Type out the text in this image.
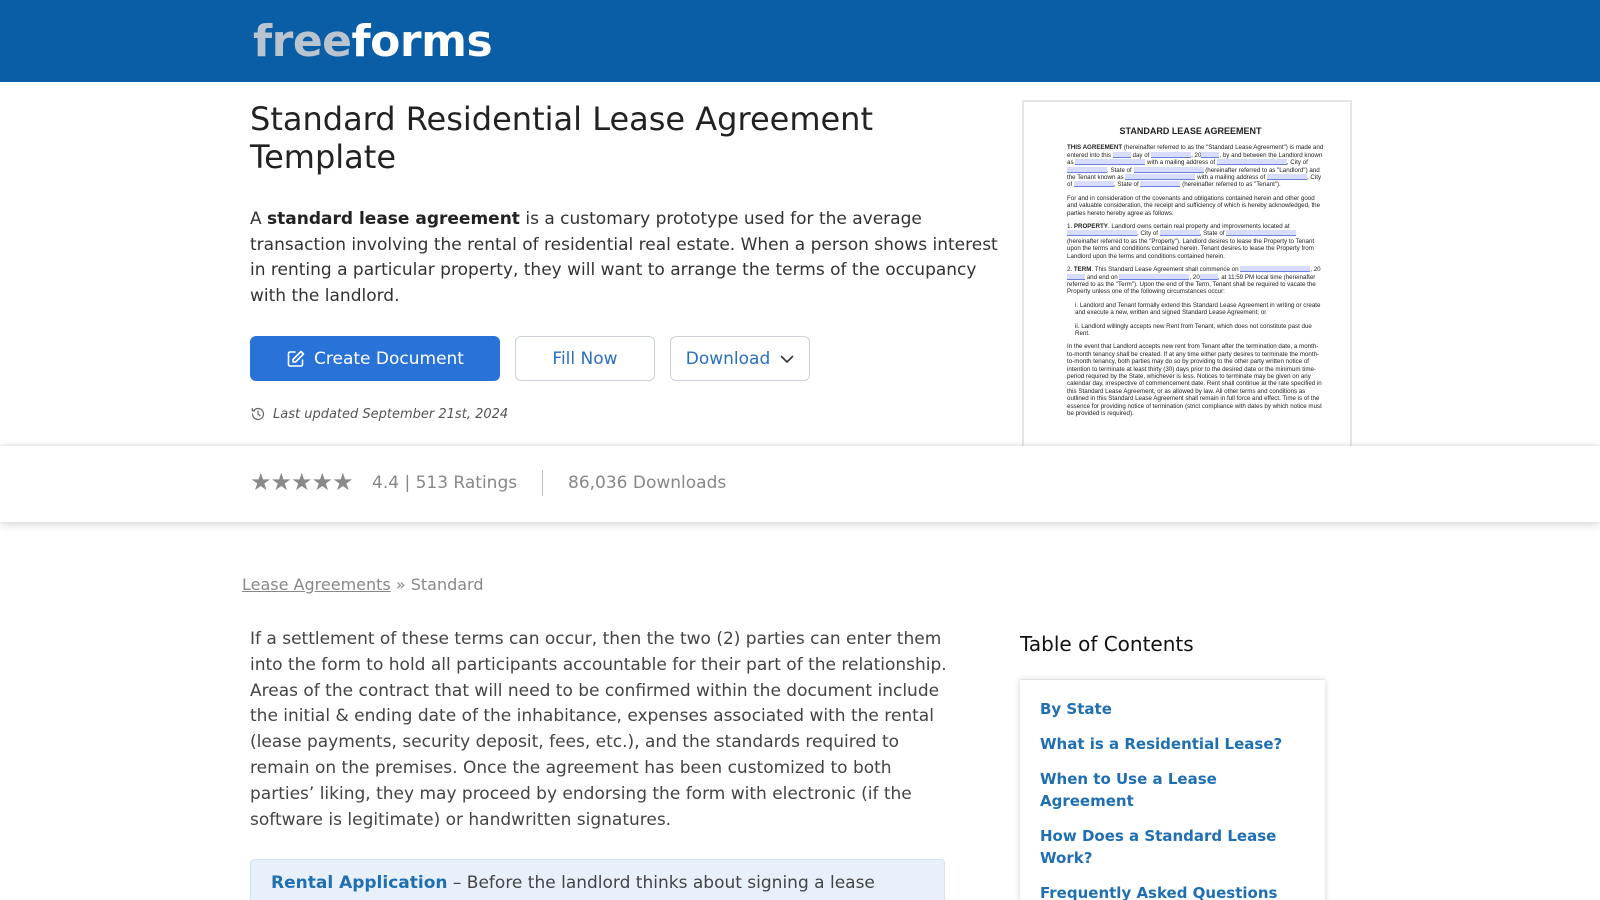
freeforms
Standard Residential Lease Agreement Template

A standard lease agreement is a customary prototype used for the average transaction involving the rental of residential real estate. When a person shows interest in renting a particular property, they will want to arrange the terms of the occupancy with the landlord.

Create Document	Fill Now	Download
Last updated September 21st, 2024
STANDARD LEASE AGREEMENT

THIS AGREEMENT (hereinafter referred to as the "Standard Lease Agreement") is made and entered into this	day of	, 20	, by and between the Landlord known as	with a mailing address of	, City of , State of	(hereinafter referred to as "Landlord") and the Tenant known as	with a mailing address of	, City of	, State of	(hereinafter referred to as "Tenant").

For and in consideration of the covenants and obligations contained herein and other good and valuable consideration, the receipt and sufficiency of which is hereby acknowledged, the parties hereto hereby agree as follows:

1. PROPERTY. Landlord owns certain real property and improvements located at , City of	, State of  (hereinafter referred to as the "Property"). Landlord desires to lease the Property to Tenant upon the terms and conditions contained herein. Tenant desires to lease the Property from Landlord upon the terms and conditions contained herein.

2. TERM. This Standard Lease Agreement shall commence on	, 20 and end on	, 20	, at 11:59 PM local time (hereinafter referred to as the "Term"). Upon the end of the Term, Tenant shall be required to vacate the Property unless one of the following circumstances occur:

i. Landlord and Tenant formally extend this Standard Lease Agreement in writing or create and execute a new, written and signed Standard Lease Agreement; or

ii. Landlord willingly accepts new Rent from Tenant, which does not constitute past due Rent.

In the event that Landlord accepts new rent from Tenant after the termination date, a month-to-month tenancy shall be created. If at any time either party desires to terminate the month-to-month tenancy, both parties may do so by providing to the other party written notice of intention to terminate at least thirty (30) days prior to the desired date or the minimum time-period required by the State, whichever is less. Notices to terminate may be given on any calendar day, irrespective of commencement date. Rent shall continue at the rate specified in this Standard Lease Agreement, or as allowed by law. All other terms and conditions as outlined in this Standard Lease Agreement shall remain in full force and effect. Time is of the essence for providing notice of termination (strict compliance with dates by which notice must be provided is required).

★★★★★ 4.4 | 513 Ratings	86,036 Downloads
Lease Agreements » Standard

If a settlement of these terms can occur, then the two (2) parties can enter them into the form to hold all participants accountable for their part of the relationship. Areas of the contract that will need to be confirmed within the document include the initial & ending date of the inhabitance, expenses associated with the rental (lease payments, security deposit, fees, etc.), and the standards required to remain on the premises. Once the agreement has been customized to both parties’ liking, they may proceed by endorsing the form with electronic (if the software is legitimate) or handwritten signatures.

Rental Application – Before the landlord thinks about signing a lease
Table of Contents
By State
What is a Residential Lease?
When to Use a Lease Agreement
How Does a Standard Lease Work?
Frequently Asked Questions
